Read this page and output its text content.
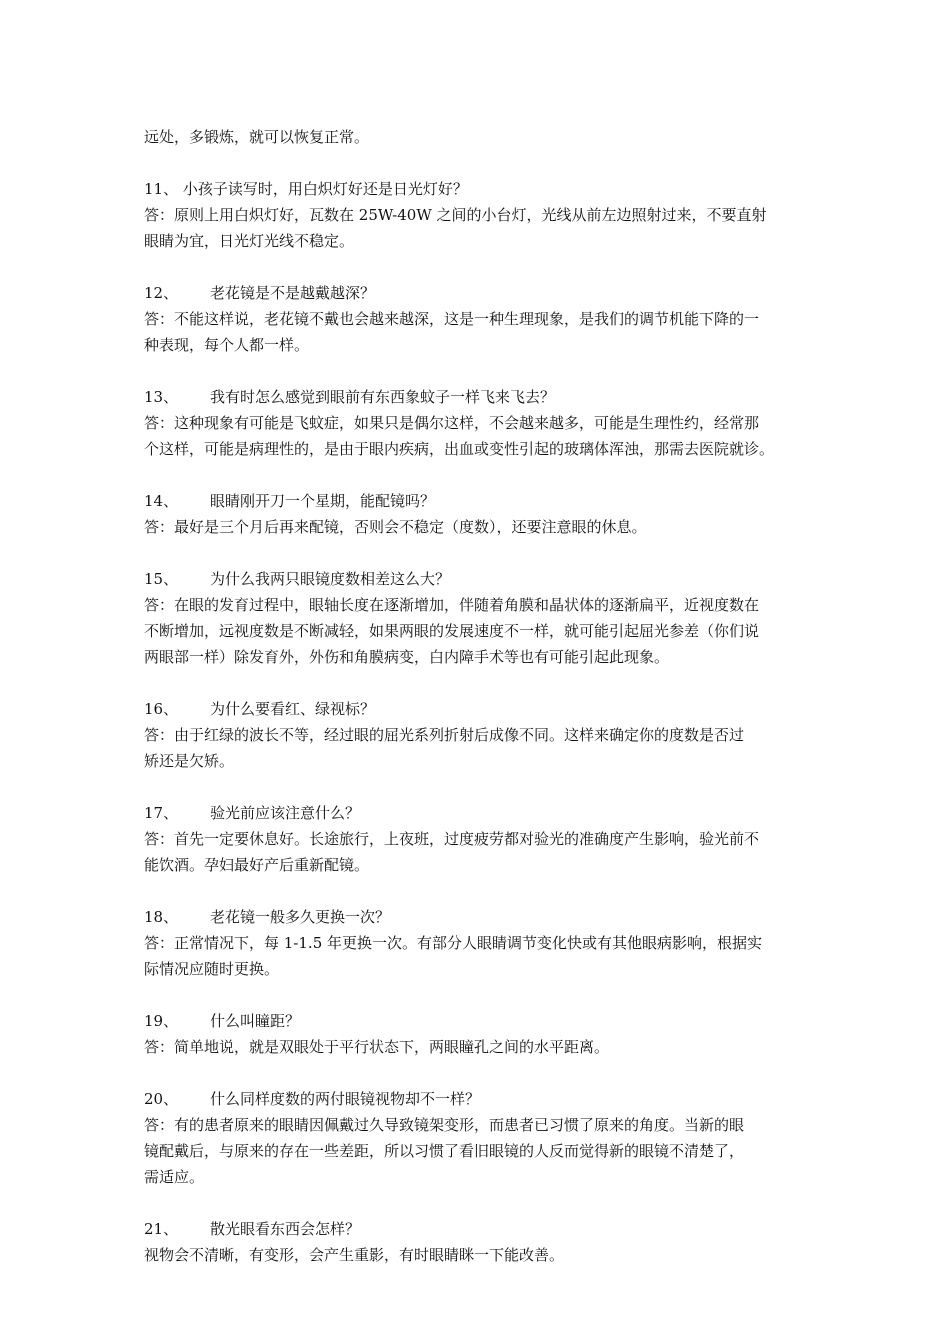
远处，多锻炼，就可以恢复正常。
11、 小孩子读写时，用白炽灯好还是日光灯好？
答：原则上用白炽灯好，瓦数在 25W-40W 之间的小台灯，光线从前左边照射过来，不要直射
眼睛为宜，日光灯光线不稳定。
12、 老花镜是不是越戴越深？
答：不能这样说，老花镜不戴也会越来越深，这是一种生理现象，是我们的调节机能下降的一
种表现，每个人都一样。
13、 我有时怎么感觉到眼前有东西象蚊子一样飞来飞去？
答：这种现象有可能是飞蚊症，如果只是偶尔这样，不会越来越多，可能是生理性约，经常那
个这样，可能是病理性的，是由于眼内疾病，出血或变性引起的玻璃体浑浊，那需去医院就诊。
14、 眼睛刚开刀一个星期，能配镜吗？
答：最好是三个月后再来配镜，否则会不稳定（度数），还要注意眼的休息。
15、 为什么我两只眼镜度数相差这么大？
答：在眼的发育过程中，眼轴长度在逐渐增加，伴随着角膜和晶状体的逐渐扁平，近视度数在
不断增加，远视度数是不断减轻，如果两眼的发展速度不一样，就可能引起屈光参差（你们说
两眼部一样）除发育外，外伤和角膜病变，白内障手术等也有可能引起此现象。
16、 为什么要看红、绿视标？
答：由于红绿的波长不等，经过眼的屈光系列折射后成像不同。这样来确定你的度数是否过
矫还是欠矫。
17、 验光前应该注意什么？
答：首先一定要休息好。长途旅行，上夜班，过度疲劳都对验光的准确度产生影响，验光前不
能饮酒。孕妇最好产后重新配镜。
18、 老花镜一般多久更换一次？
答：正常情况下，每 1-1.5 年更换一次。有部分人眼睛调节变化快或有其他眼病影响，根据实
际情况应随时更换。
19、 什么叫瞳距？
答：简单地说，就是双眼处于平行状态下，两眼瞳孔之间的水平距离。
20、 什么同样度数的两付眼镜视物却不一样？
答：有的患者原来的眼睛因佩戴过久导致镜架变形，而患者已习惯了原来的角度。当新的眼
镜配戴后，与原来的存在一些差距，所以习惯了看旧眼镜的人反而觉得新的眼镜不清楚了，
需适应。
21、 散光眼看东西会怎样？
视物会不清晰，有变形，会产生重影，有时眼睛眯一下能改善。
